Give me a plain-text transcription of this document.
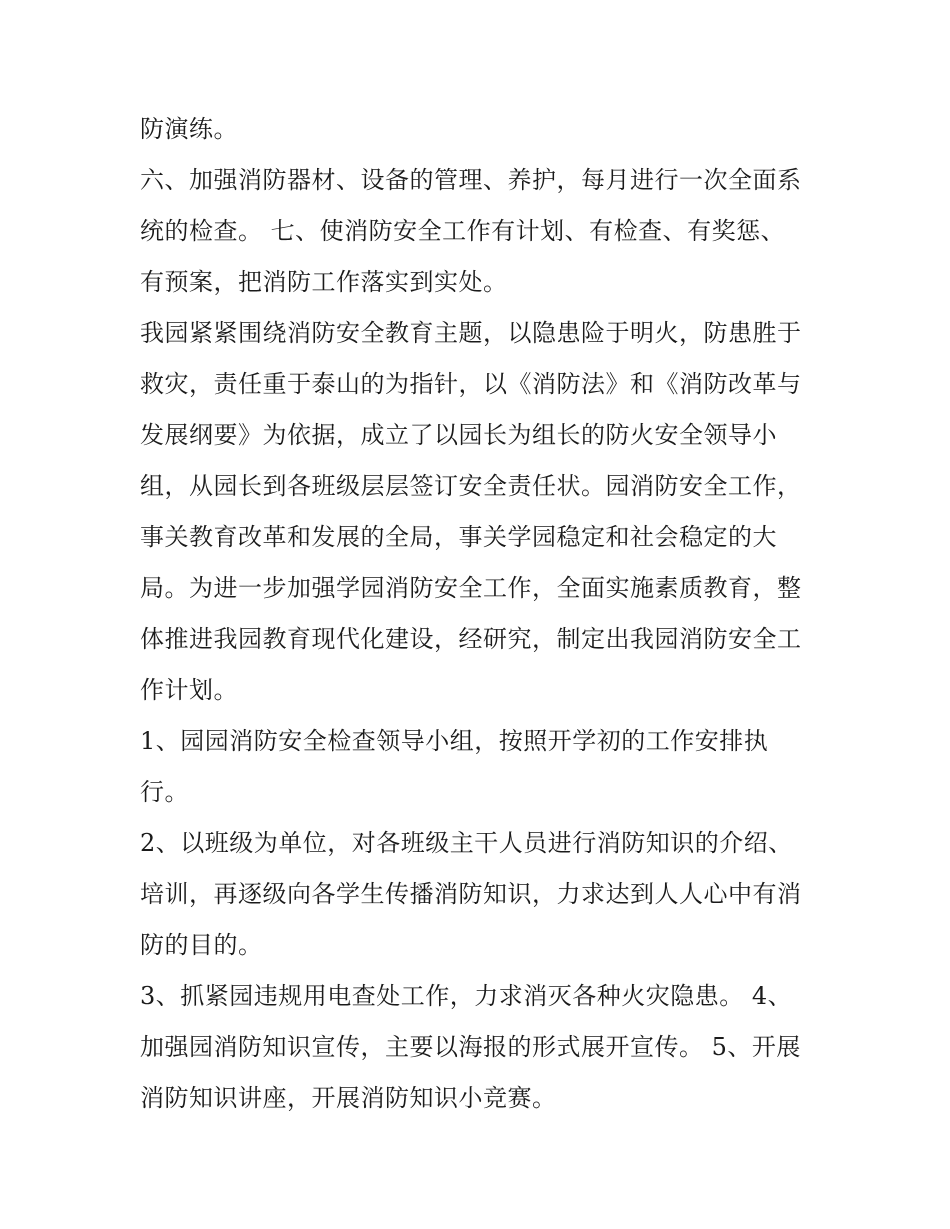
防演练。
六、加强消防器材、设备的管理、养护，每月进行一次全面系
统的检查。 七、使消防安全工作有计划、有检查、有奖惩、
有预案，把消防工作落实到实处。
我园紧紧围绕消防安全教育主题，以隐患险于明火，防患胜于
救灾，责任重于泰山的为指针，以《消防法》和《消防改革与
发展纲要》为依据，成立了以园长为组长的防火安全领导小
组，从园长到各班级层层签订安全责任状。园消防安全工作，
事关教育改革和发展的全局，事关学园稳定和社会稳定的大
局。为进一步加强学园消防安全工作，全面实施素质教育，整
体推进我园教育现代化建设，经研究，制定出我园消防安全工
作计划。
1、园园消防安全检查领导小组，按照开学初的工作安排执
行。
2、以班级为单位，对各班级主干人员进行消防知识的介绍、
培训，再逐级向各学生传播消防知识，力求达到人人心中有消
防的目的。
3、抓紧园违规用电查处工作，力求消灭各种火灾隐患。 4、
加强园消防知识宣传，主要以海报的形式展开宣传。 5、开展
消防知识讲座，开展消防知识小竞赛。
